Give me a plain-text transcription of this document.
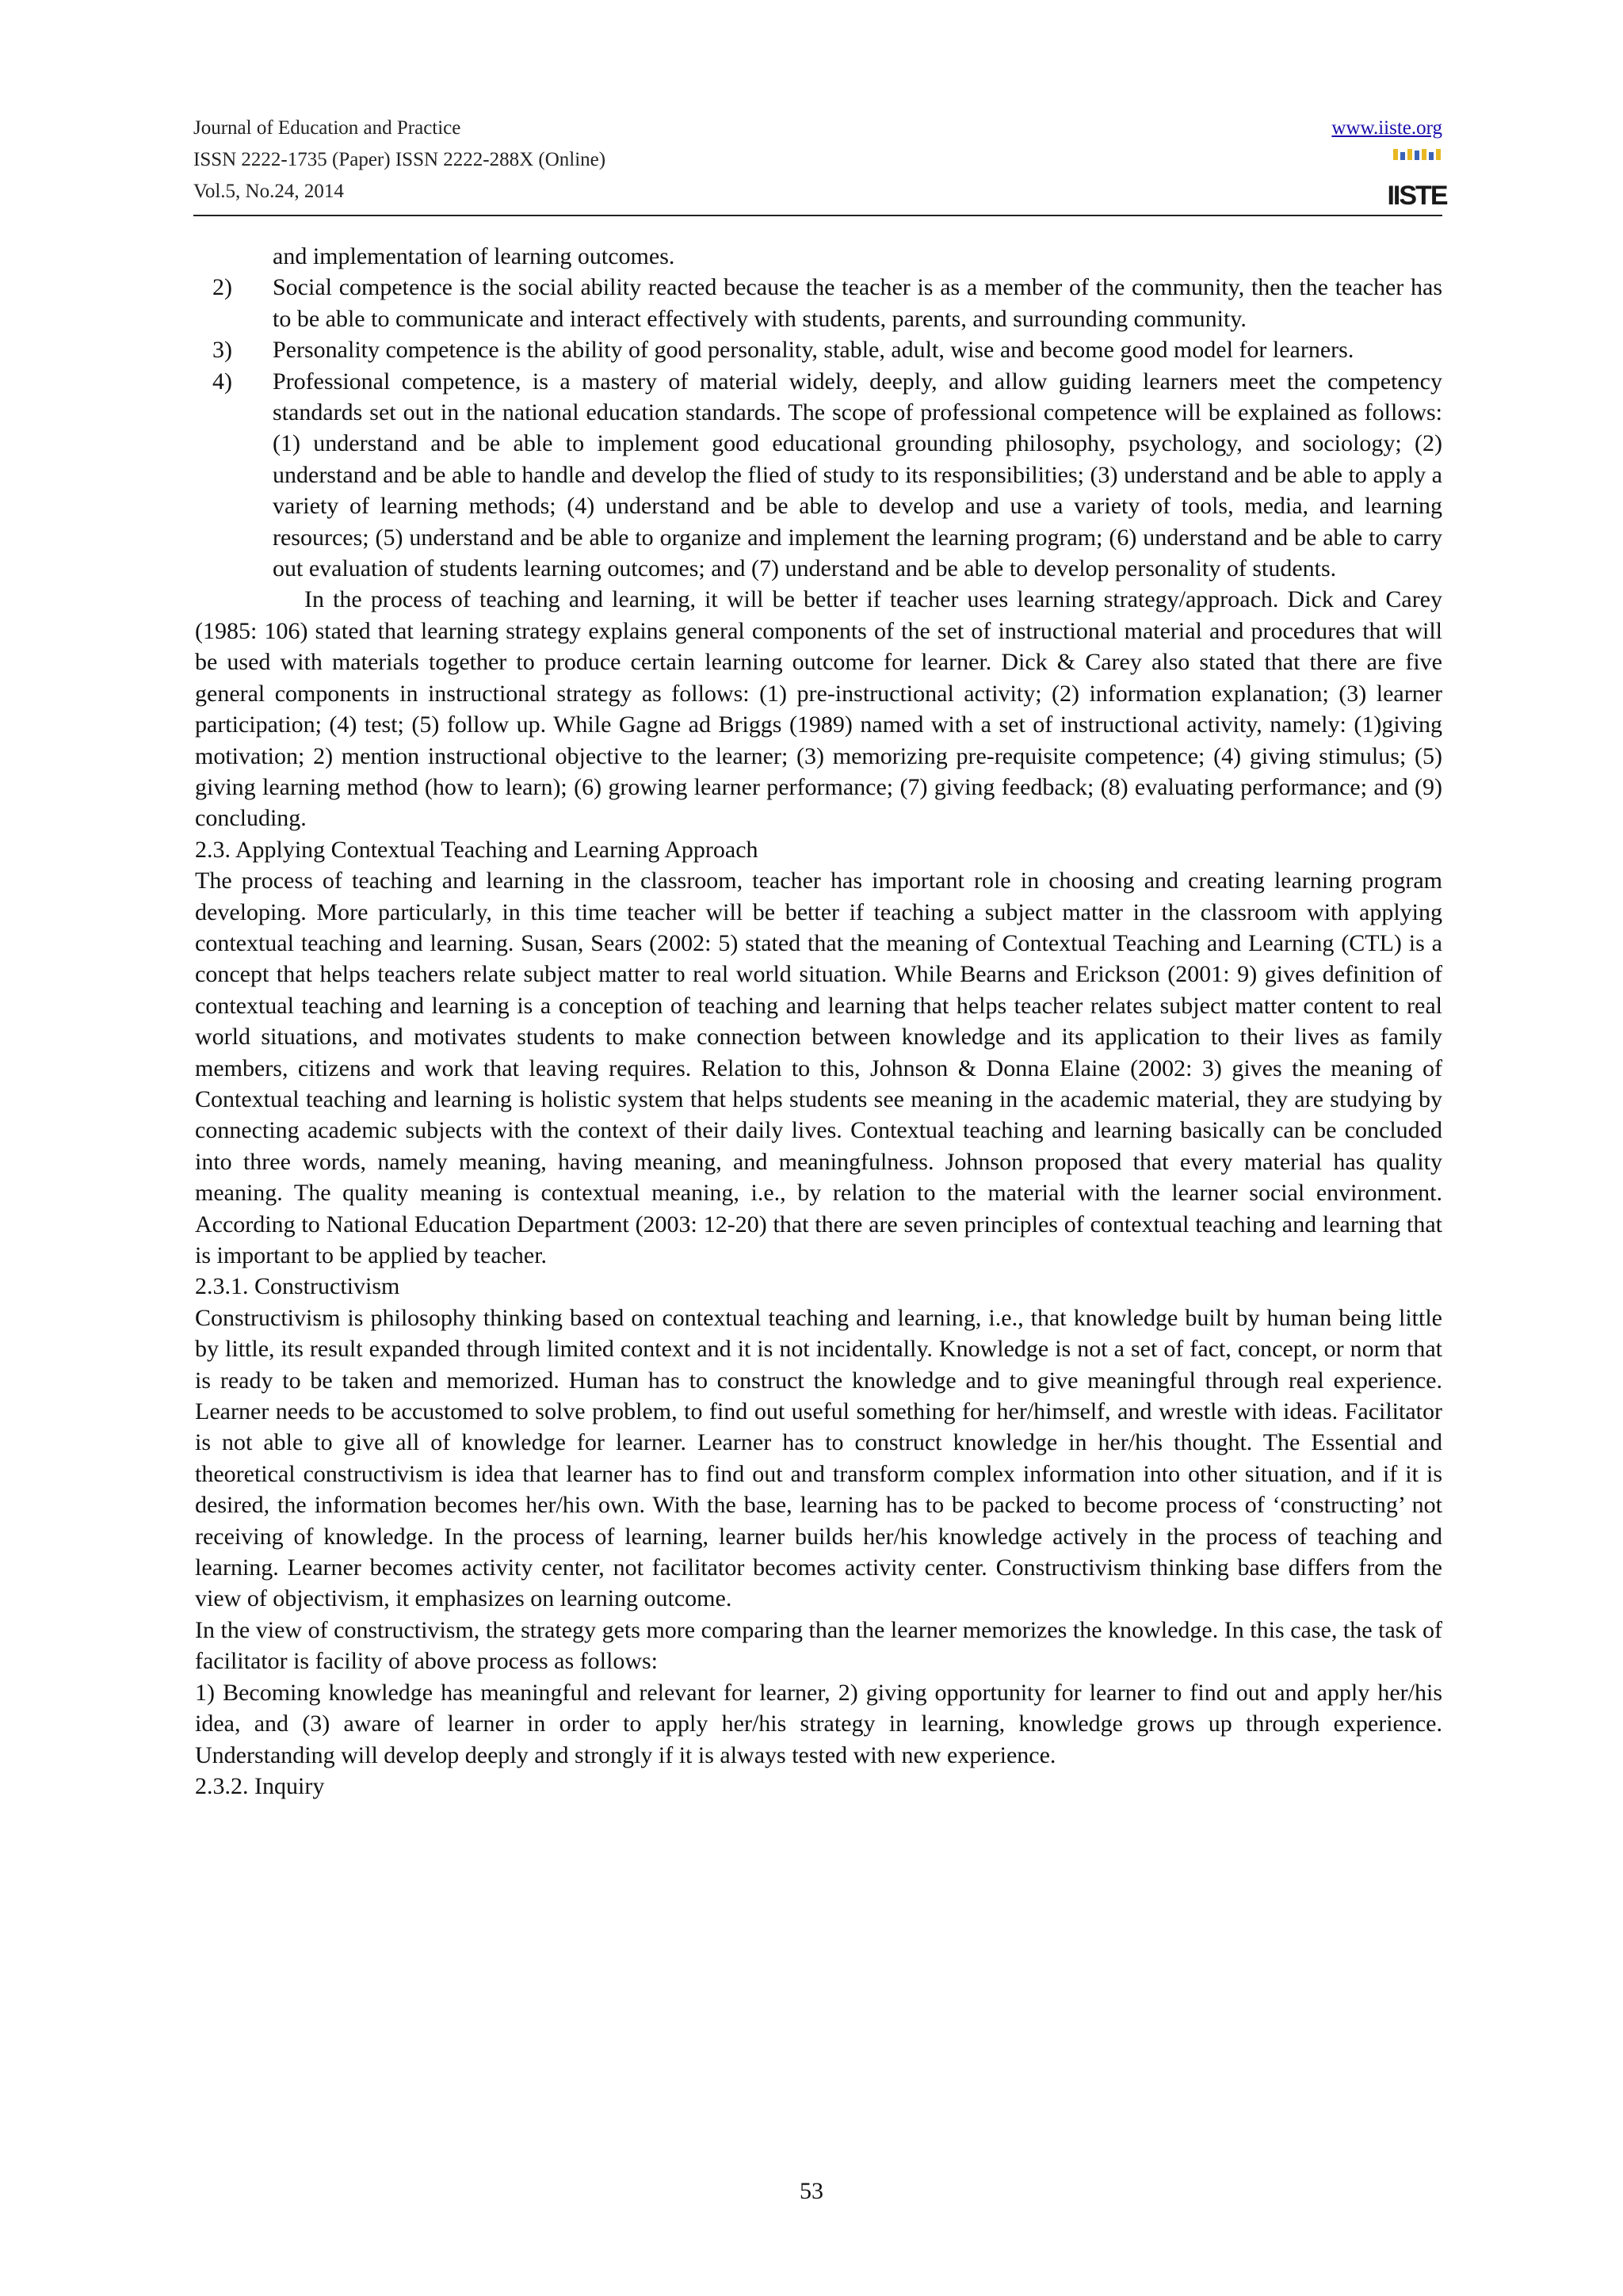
Journal of Education and Practice
ISSN 2222-1735 (Paper) ISSN 2222-288X (Online)
Vol.5, No.24, 2014
www.iiste.org
IISTE

and implementation of learning outcomes.

2) Social competence is the social ability reacted because the teacher is as a member of the community, then the teacher has to be able to communicate and interact effectively with students, parents, and surrounding community.
3) Personality competence is the ability of good personality, stable, adult, wise and become good model for learners.
4) Professional competence, is a mastery of material widely, deeply, and allow guiding learners meet the competency standards set out in the national education standards. The scope of professional competence will be explained as follows: (1) understand and be able to implement good educational grounding philosophy, psychology, and sociology; (2) understand and be able to handle and develop the flied of study to its responsibilities; (3) understand and be able to apply a variety of learning methods; (4) understand and be able to develop and use a variety of tools, media, and learning resources; (5) understand and be able to organize and implement the learning program; (6) understand and be able to carry out evaluation of students learning outcomes; and (7) understand and be able to develop personality of students.

In the process of teaching and learning, it will be better if teacher uses learning strategy/approach. Dick and Carey (1985: 106) stated that learning strategy explains general components of the set of instructional material and procedures that will be used with materials together to produce certain learning outcome for learner. Dick & Carey also stated that there are five general components in instructional strategy as follows: (1) pre-instructional activity; (2) information explanation; (3) learner participation; (4) test; (5) follow up. While Gagne ad Briggs (1989) named with a set of instructional activity, namely: (1)giving motivation; 2) mention instructional objective to the learner; (3) memorizing pre-requisite competence; (4) giving stimulus; (5) giving learning method (how to learn); (6) growing learner performance; (7) giving feedback; (8) evaluating performance; and (9) concluding.

2.3. Applying Contextual Teaching and Learning Approach

The process of teaching and learning in the classroom, teacher has important role in choosing and creating learning program developing. More particularly, in this time teacher will be better if teaching a subject matter in the classroom with applying contextual teaching and learning. Susan, Sears (2002: 5) stated that the meaning of Contextual Teaching and Learning (CTL) is a concept that helps teachers relate subject matter to real world situation. While Bearns and Erickson (2001: 9) gives definition of contextual teaching and learning is a conception of teaching and learning that helps teacher relates subject matter content to real world situations, and motivates students to make connection between knowledge and its application to their lives as family members, citizens and work that leaving requires. Relation to this, Johnson & Donna Elaine (2002: 3) gives the meaning of Contextual teaching and learning is holistic system that helps students see meaning in the academic material, they are studying by connecting academic subjects with the context of their daily lives. Contextual teaching and learning basically can be concluded into three words, namely meaning, having meaning, and meaningfulness. Johnson proposed that every material has quality meaning. The quality meaning is contextual meaning, i.e., by relation to the material with the learner social environment. According to National Education Department (2003: 12-20) that there are seven principles of contextual teaching and learning that is important to be applied by teacher.

2.3.1. Constructivism

Constructivism is philosophy thinking based on contextual teaching and learning, i.e., that knowledge built by human being little by little, its result expanded through limited context and it is not incidentally. Knowledge is not a set of fact, concept, or norm that is ready to be taken and memorized. Human has to construct the knowledge and to give meaningful through real experience. Learner needs to be accustomed to solve problem, to find out useful something for her/himself, and wrestle with ideas. Facilitator is not able to give all of knowledge for learner. Learner has to construct knowledge in her/his thought. The Essential and theoretical constructivism is idea that learner has to find out and transform complex information into other situation, and if it is desired, the information becomes her/his own. With the base, learning has to be packed to become process of ‘constructing’ not receiving of knowledge. In the process of learning, learner builds her/his knowledge actively in the process of teaching and learning. Learner becomes activity center, not facilitator becomes activity center. Constructivism thinking base differs from the view of objectivism, it emphasizes on learning outcome.

In the view of constructivism, the strategy gets more comparing than the learner memorizes the knowledge. In this case, the task of facilitator is facility of above process as follows:

1) Becoming knowledge has meaningful and relevant for learner, 2) giving opportunity for learner to find out and apply her/his idea, and (3) aware of learner in order to apply her/his strategy in learning, knowledge grows up through experience. Understanding will develop deeply and strongly if it is always tested with new experience.

2.3.2. Inquiry

53
